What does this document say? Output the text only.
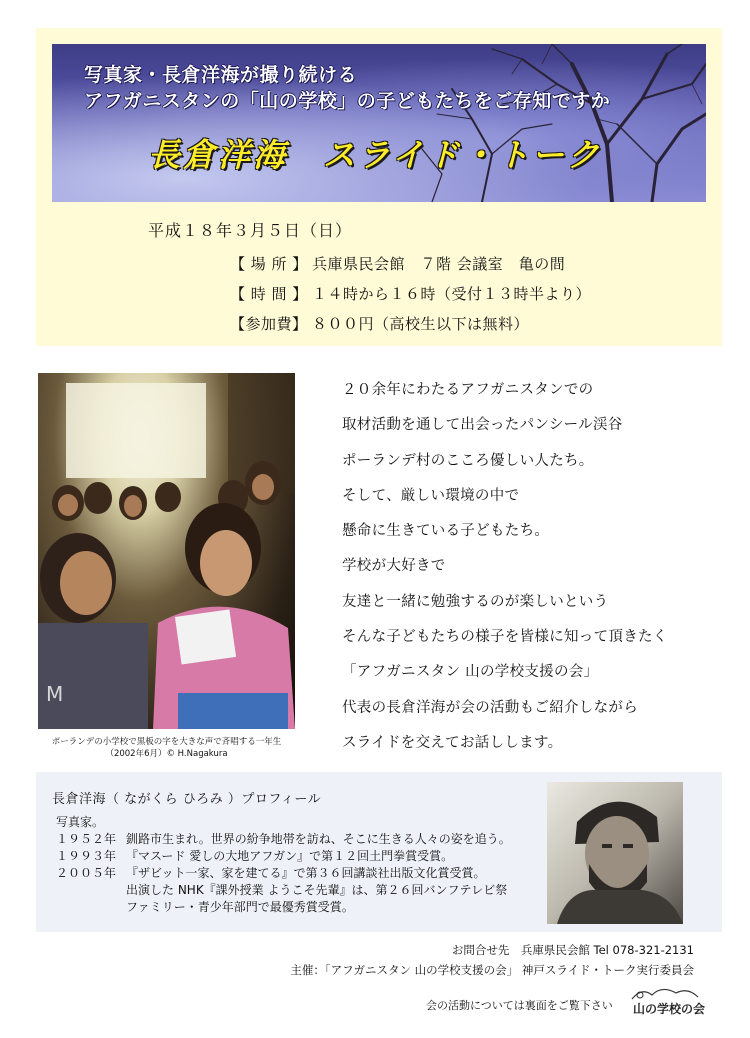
写真家・長倉洋海が撮り続ける
アフガニスタンの「山の学校」の子どもたちをご存知ですか
長倉洋海　スライド・トーク
平成１８年３月５日（日）
【 場 所 】 兵庫県民会館　７階 会議室　亀の間
【 時 間 】 １４時から１６時（受付１３時半より）
【参加費】 ８００円（高校生以下は無料）
M
ポーランデの小学校で黒板の字を大きな声で斉唱する一年生
（2002年6月）© H.Nagakura
２０余年にわたるアフガニスタンでの
取材活動を通して出会ったパンシール渓谷
ポーランデ村のこころ優しい人たち。
そして、厳しい環境の中で
懸命に生きている子どもたち。
学校が大好きで
友達と一緒に勉強するのが楽しいという
そんな子どもたちの様子を皆様に知って頂きたく
「アフガニスタン 山の学校支援の会」
代表の長倉洋海が会の活動もご紹介しながら
スライドを交えてお話しします。
長倉洋海（ ながくら ひろみ ）プロフィール
写真家。
１９５２年 釧路市生まれ。世界の紛争地帯を訪ね、そこに生きる人々の姿を追う。
１９９３年 『マスード 愛しの大地アフガン』で第１２回土門拳賞受賞。
２００５年 『ザビット一家、家を建てる』で第３６回講談社出版文化賞受賞。
出演した NHK『課外授業 ようこそ先輩』は、第２６回バンフテレビ祭
ファミリー・青少年部門で最優秀賞受賞。
お問合せ先　兵庫県民会館 Tel 078‐321‐2131
主催：「アフガニスタン 山の学校支援の会」 神戸スライド・トーク実行委員会
会の活動については裏面をご覧下さい 山の学校の会
